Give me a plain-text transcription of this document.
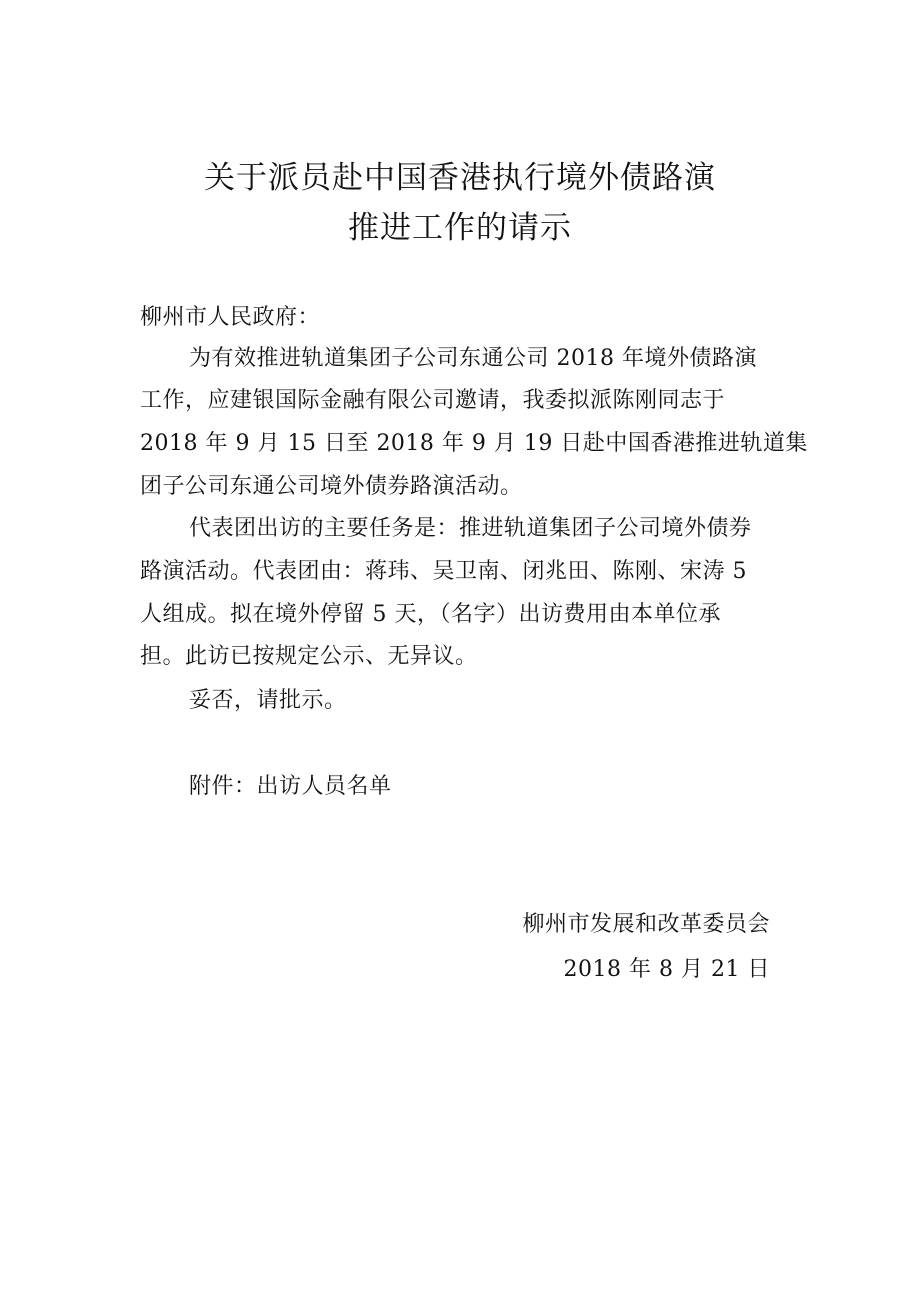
关于派员赴中国香港执行境外债路演
推进工作的请示
柳州市人民政府：
为有效推进轨道集团子公司东通公司 2018 年境外债路演
工作，应建银国际金融有限公司邀请，我委拟派陈刚同志于
2018 年 9 月 15 日至 2018 年 9 月 19 日赴中国香港推进轨道集
团子公司东通公司境外债券路演活动。
代表团出访的主要任务是：推进轨道集团子公司境外债券
路演活动。代表团由：蒋玮、吴卫南、闭兆田、陈刚、宋涛 5
人组成。拟在境外停留 5 天，（名字）出访费用由本单位承
担。此访已按规定公示、无异议。
妥否，请批示。
附件：出访人员名单
柳州市发展和改革委员会
2018 年 8 月 21 日
